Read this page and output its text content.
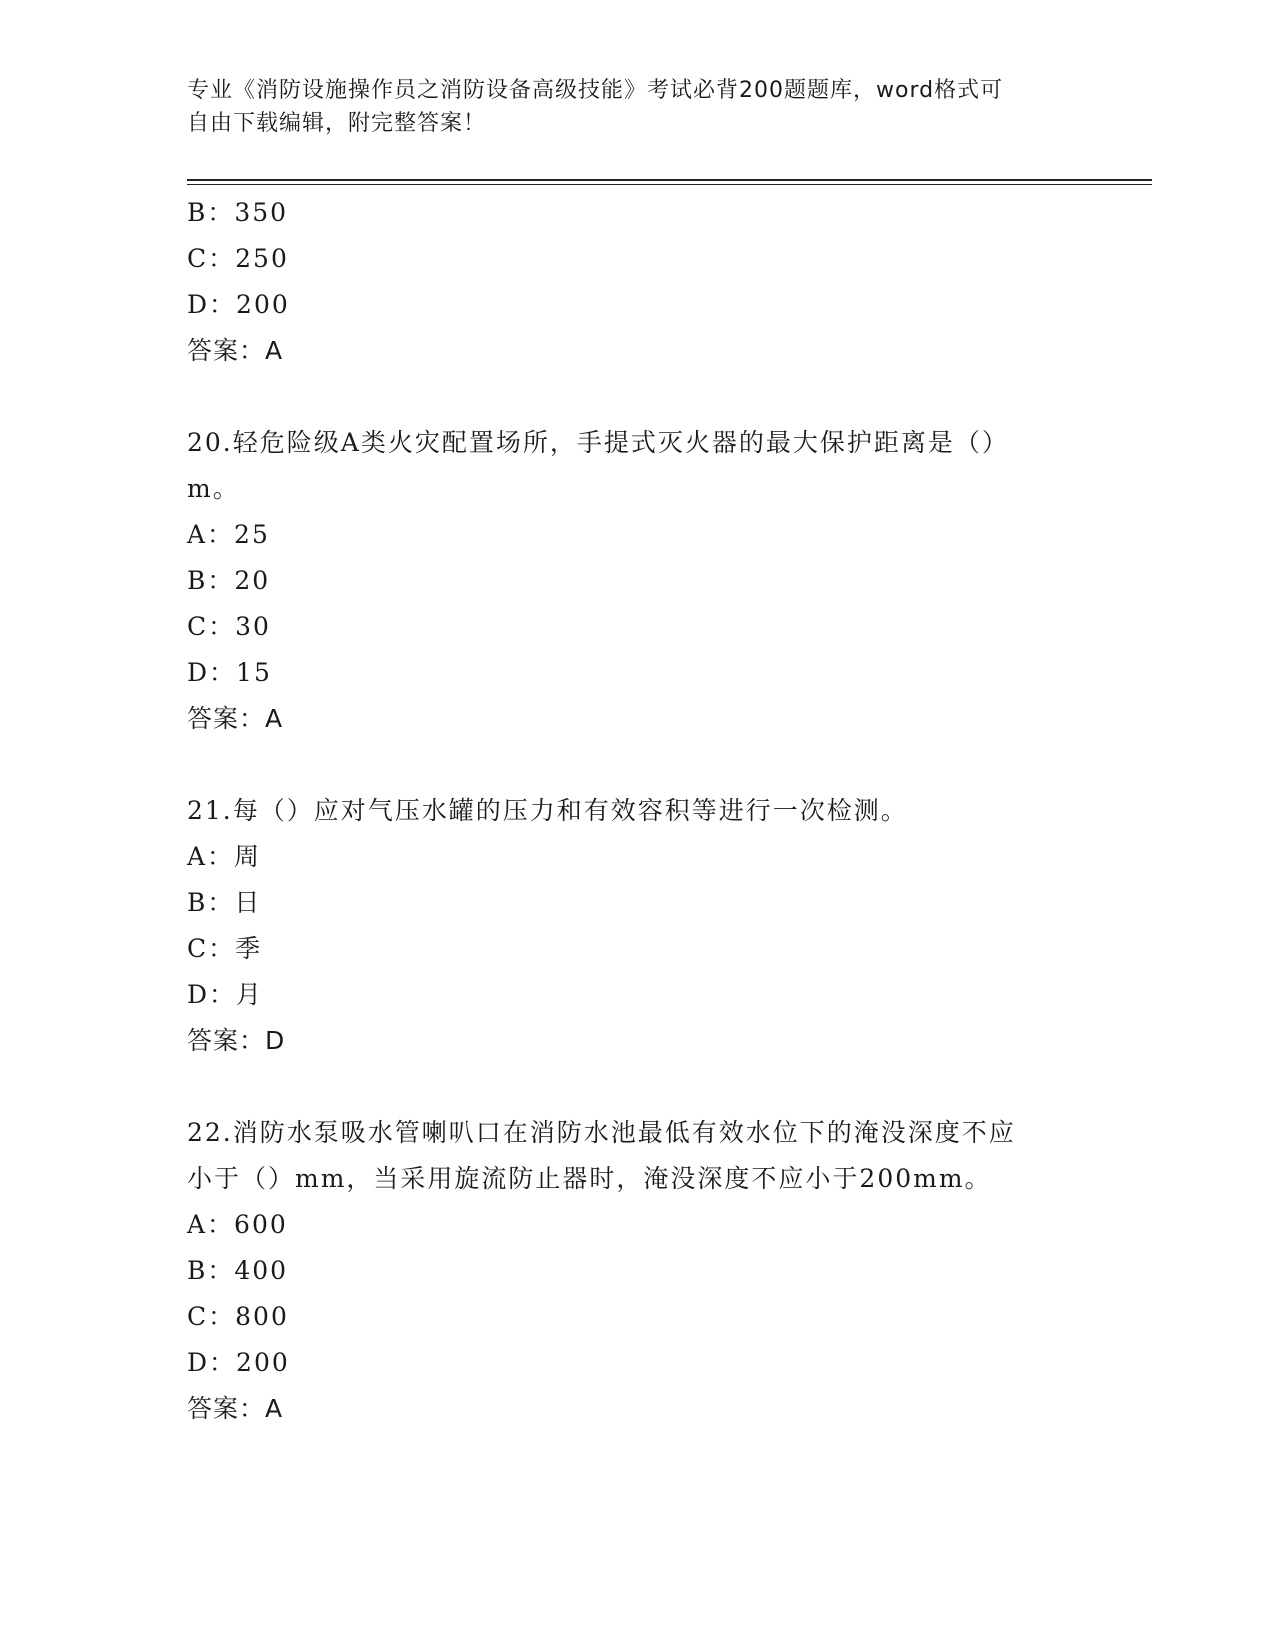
专业《消防设施操作员之消防设备高级技能》考试必背200题题库，word格式可
自由下载编辑，附完整答案！
B：350
C：250
D：200
答案：A
20.轻危险级A类火灾配置场所，手提式灭火器的最大保护距离是（）
m。
A：25
B：20
C：30
D：15
答案：A
21.每（）应对气压水罐的压力和有效容积等进行一次检测。
A：周
B：日
C：季
D：月
答案：D
22.消防水泵吸水管喇叭口在消防水池最低有效水位下的淹没深度不应
小于（）mm，当采用旋流防止器时，淹没深度不应小于200mm。
A：600
B：400
C：800
D：200
答案：A
